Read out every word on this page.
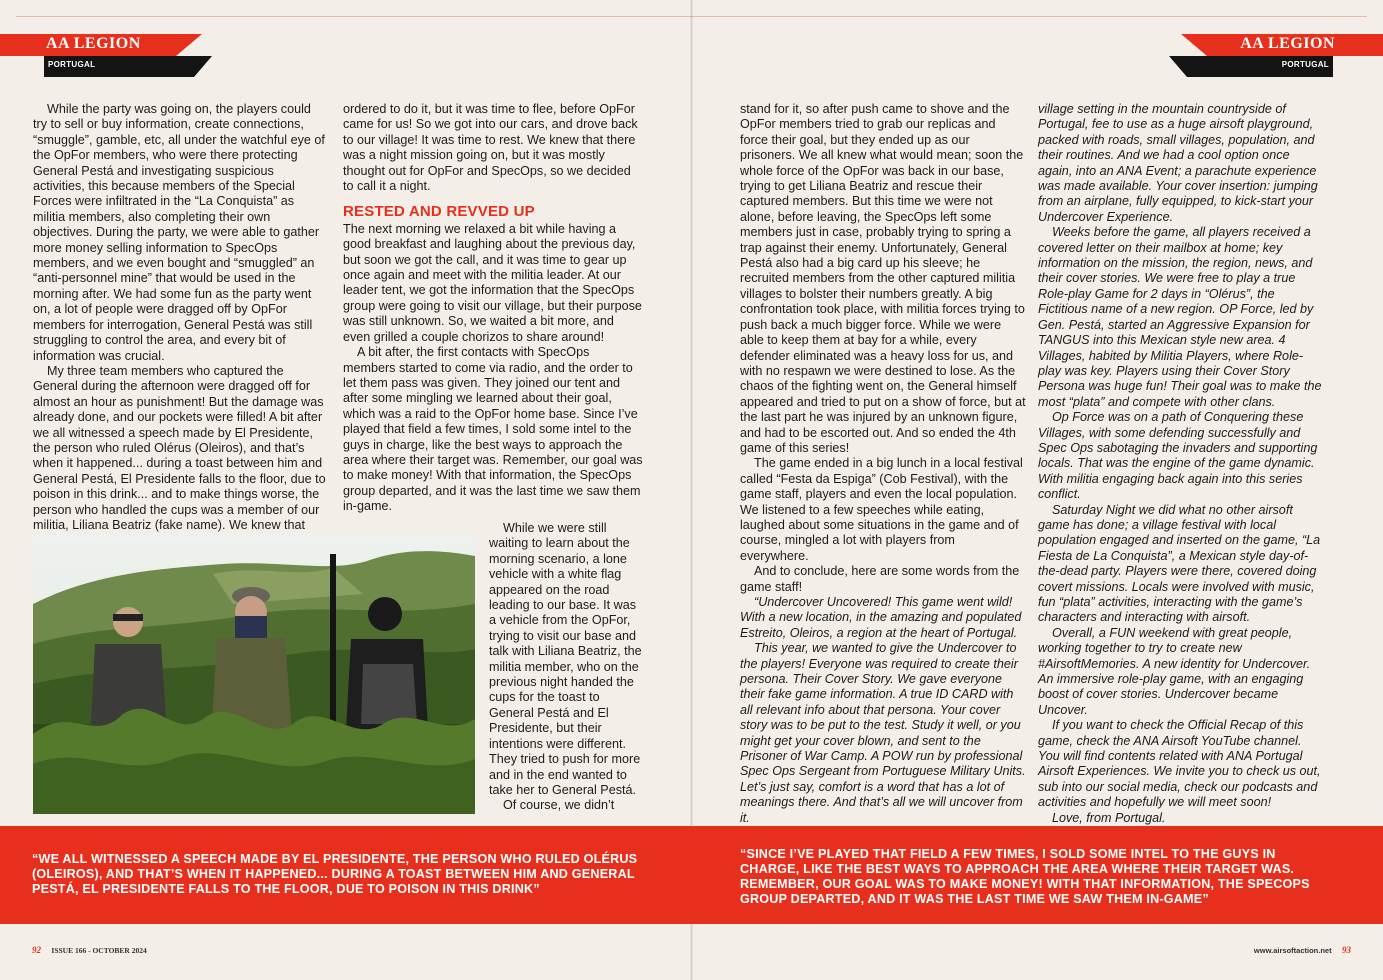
AA LEGION
PORTUGAL
AA LEGION
PORTUGAL

While the party was going on, the players could try to sell or buy information, create connections, “smuggle”, gamble, etc, all under the watchful eye of the OpFor members, who were there protecting General Pestá and investigating suspicious activities, this because members of the Special Forces were infiltrated in the “La Conquista” as militia members, also completing their own objectives. During the party, we were able to gather more money selling information to SpecOps members, and we even bought and “smuggled” an “anti-personnel mine” that would be used in the morning after. We had some fun as the party went on, a lot of people were dragged off by OpFor members for interrogation, General Pestá was still struggling to control the area, and every bit of information was crucial.

My three team members who captured the General during the afternoon were dragged off for almost an hour as punishment! But the damage was already done, and our pockets were filled! A bit after we all witnessed a speech made by El Presidente, the person who ruled Olérus (Oleiros), and that’s when it happened... during a toast between him and General Pestá, El Presidente falls to the floor, due to poison in this drink... and to make things worse, the person who handled the cups was a member of our militia, Liliana Beatriz (fake name). We knew that

ordered to do it, but it was time to flee, before OpFor came for us! So we got into our cars, and drove back to our village! It was time to rest. We knew that there was a night mission going on, but it was mostly thought out for OpFor and SpecOps, so we decided to call it a night.

RESTED AND REVVED UP

The next morning we relaxed a bit while having a good breakfast and laughing about the previous day, but soon we got the call, and it was time to gear up once again and meet with the militia leader. At our leader tent, we got the information that the SpecOps group were going to visit our village, but their purpose was still unknown. So, we waited a bit more, and even grilled a couple chorizos to share around!

A bit after, the first contacts with SpecOps members started to come via radio, and the order to let them pass was given. They joined our tent and after some mingling we learned about their goal, which was a raid to the OpFor home base. Since I’ve played that field a few times, I sold some intel to the guys in charge, like the best ways to approach the area where their target was. Remember, our goal was to make money! With that information, the SpecOps group departed, and it was the last time we saw them in-game.

While we were still waiting to learn about the morning scenario, a lone vehicle with a white flag appeared on the road leading to our base. It was a vehicle from the OpFor, trying to visit our base and talk with Liliana Beatriz, the militia member, who on the previous night handed the cups for the toast to General Pestá and El Presidente, but their intentions were different. They tried to push for more and in the end wanted to take her to General Pestá.

Of course, we didn’t

stand for it, so after push came to shove and the OpFor members tried to grab our replicas and force their goal, but they ended up as our prisoners. We all knew what would mean; soon the whole force of the OpFor was back in our base, trying to get Liliana Beatriz and rescue their captured members. But this time we were not alone, before leaving, the SpecOps left some members just in case, probably trying to spring a trap against their enemy. Unfortunately, General Pestá also had a big card up his sleeve; he recruited members from the other captured militia villages to bolster their numbers greatly. A big confrontation took place, with militia forces trying to push back a much bigger force. While we were able to keep them at bay for a while, every defender eliminated was a heavy loss for us, and with no respawn we were destined to lose. As the chaos of the fighting went on, the General himself appeared and tried to put on a show of force, but at the last part he was injured by an unknown figure, and had to be escorted out. And so ended the 4th game of this series!

The game ended in a big lunch in a local festival called “Festa da Espiga” (Cob Festival), with the game staff, players and even the local population. We listened to a few speeches while eating, laughed about some situations in the game and of course, mingled a lot with players from everywhere.

And to conclude, here are some words from the game staff!

“Undercover Uncovered! This game went wild! With a new location, in the amazing and populated Estreito, Oleiros, a region at the heart of Portugal.

This year, we wanted to give the Undercover to the players! Everyone was required to create their persona. Their Cover Story. We gave everyone their fake game information. A true ID CARD with all relevant info about that persona. Your cover story was to be put to the test. Study it well, or you might get your cover blown, and sent to the Prisoner of War Camp. A POW run by professional Spec Ops Sergeant from Portuguese Military Units. Let’s just say, comfort is a word that has a lot of meanings there. And that’s all we will uncover from it.

village setting in the mountain countryside of Portugal, fee to use as a huge airsoft playground, packed with roads, small villages, population, and their routines. And we had a cool option once again, into an ANA Event; a parachute experience was made available. Your cover insertion: jumping from an airplane, fully equipped, to kick-start your Undercover Experience.

Weeks before the game, all players received a covered letter on their mailbox at home; key information on the mission, the region, news, and their cover stories. We were free to play a true Role-play Game for 2 days in “Olérus”, the Fictitious name of a new region. OP Force, led by Gen. Pestá, started an Aggressive Expansion for TANGUS into this Mexican style new area. 4 Villages, habited by Militia Players, where Role-play was key. Players using their Cover Story Persona was huge fun! Their goal was to make the most “plata” and compete with other clans.

Op Force was on a path of Conquering these Villages, with some defending successfully and Spec Ops sabotaging the invaders and supporting locals. That was the engine of the game dynamic. With militia engaging back again into this series conflict.

Saturday Night we did what no other airsoft game has done; a village festival with local population engaged and inserted on the game, “La Fiesta de La Conquista”, a Mexican style day-of-the-dead party. Players were there, covered doing covert missions. Locals were involved with music, fun “plata” activities, interacting with the game’s characters and interacting with airsoft.

Overall, a FUN weekend with great people, working together to try to create new #AirsoftMemories. A new identity for Undercover. An immersive role-play game, with an engaging boost of cover stories. Undercover became Uncover.

If you want to check the Official Recap of this game, check the ANA Airsoft YouTube channel. You will find contents related with ANA Portugal Airsoft Experiences. We invite you to check us out, sub into our social media, check our podcasts and activities and hopefully we will meet soon!

Love, from Portugal.

“WE ALL WITNESSED A SPEECH MADE BY EL PRESIDENTE, THE PERSON WHO RULED OLÉRUS (OLEIROS), AND THAT’S WHEN IT HAPPENED... DURING A TOAST BETWEEN HIM AND GENERAL PESTÁ, EL PRESIDENTE FALLS TO THE FLOOR, DUE TO POISON IN THIS DRINK”
“SINCE I’VE PLAYED THAT FIELD A FEW TIMES, I SOLD SOME INTEL TO THE GUYS IN CHARGE, LIKE THE BEST WAYS TO APPROACH THE AREA WHERE THEIR TARGET WAS. REMEMBER, OUR GOAL WAS TO MAKE MONEY! WITH THAT INFORMATION, THE SPECOPS GROUP DEPARTED, AND IT WAS THE LAST TIME WE SAW THEM IN-GAME”
92 ISSUE 166 - OCTOBER 2024	www.airsoftaction.net 93
